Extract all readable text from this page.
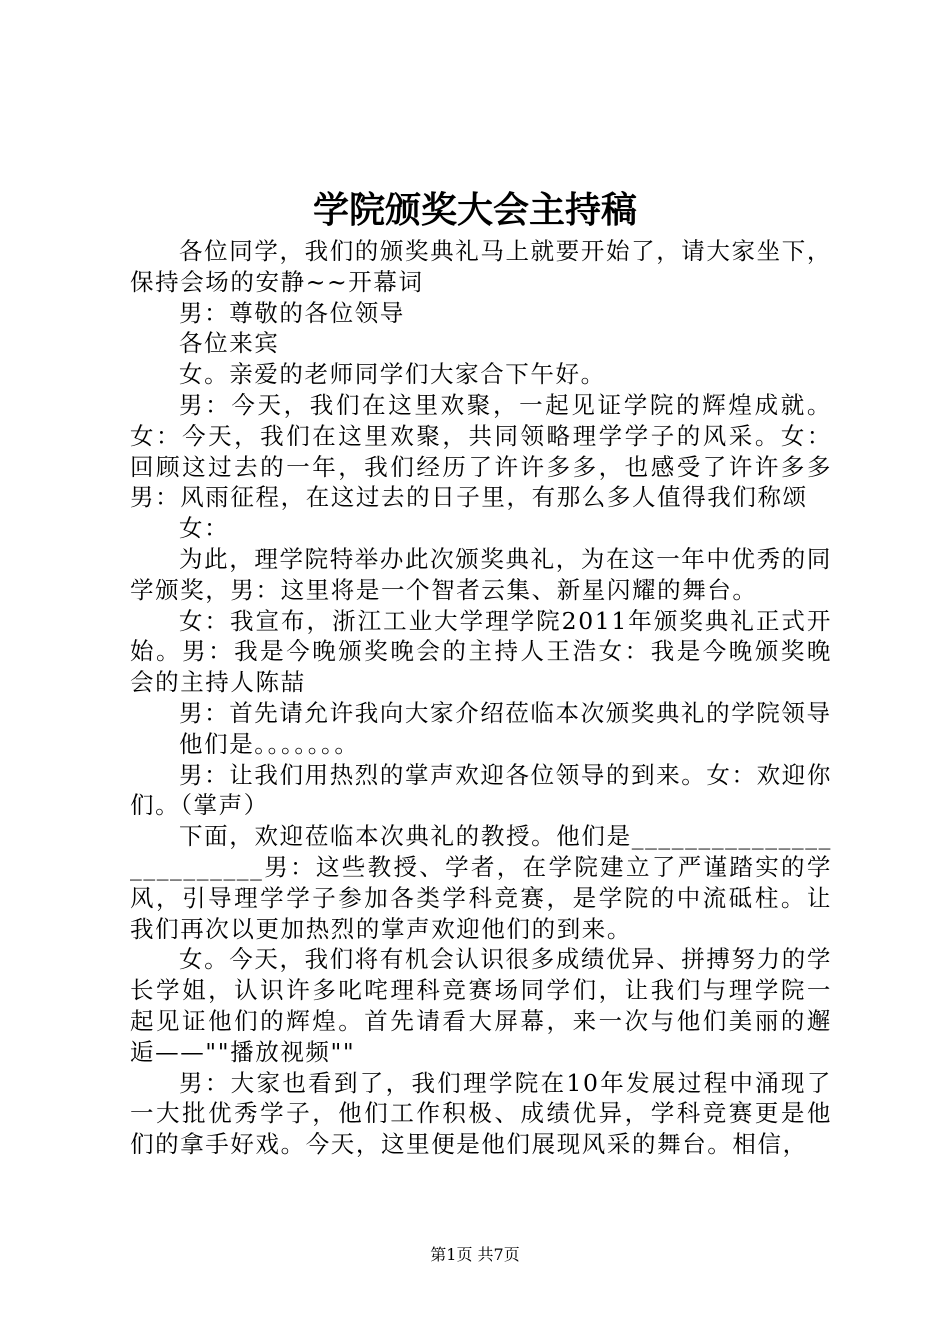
学院颁奖大会主持稿

各位同学，我们的颁奖典礼马上就要开始了，请大家坐下，保持会场的安静~~开幕词

男：尊敬的各位领导

各位来宾

女。亲爱的老师同学们大家合下午好。

男：今天，我们在这里欢聚，一起见证学院的辉煌成就。女：今天，我们在这里欢聚，共同领略理学学子的风采。女：回顾这过去的一年，我们经历了许许多多，也感受了许许多多男：风雨征程，在这过去的日子里，有那么多人值得我们称颂

女：

为此，理学院特举办此次颁奖典礼，为在这一年中优秀的同学颁奖，男：这里将是一个智者云集、新星闪耀的舞台。

女：我宣布，浙江工业大学理学院2011年颁奖典礼正式开始。男：我是今晚颁奖晚会的主持人王浩女：我是今晚颁奖晚会的主持人陈喆

男：首先请允许我向大家介绍莅临本次颁奖典礼的学院领导

他们是。。。。。。。

男：让我们用热烈的掌声欢迎各位领导的到来。女：欢迎你们。（掌声）

下面，欢迎莅临本次典礼的教授。他们是_________________________男：这些教授、学者，在学院建立了严谨踏实的学风，引导理学学子参加各类学科竞赛，是学院的中流砥柱。让我们再次以更加热烈的掌声欢迎他们的到来。

女。今天，我们将有机会认识很多成绩优异、拼搏努力的学长学姐，认识许多叱咤理科竞赛场同学们，让我们与理学院一起见证他们的辉煌。首先请看大屏幕，来一次与他们美丽的邂逅——""播放视频""

男：大家也看到了，我们理学院在10年发展过程中涌现了一大批优秀学子，他们工作积极、成绩优异，学科竞赛更是他们的拿手好戏。今天，这里便是他们展现风采的舞台。相信，

第1页 共7页
